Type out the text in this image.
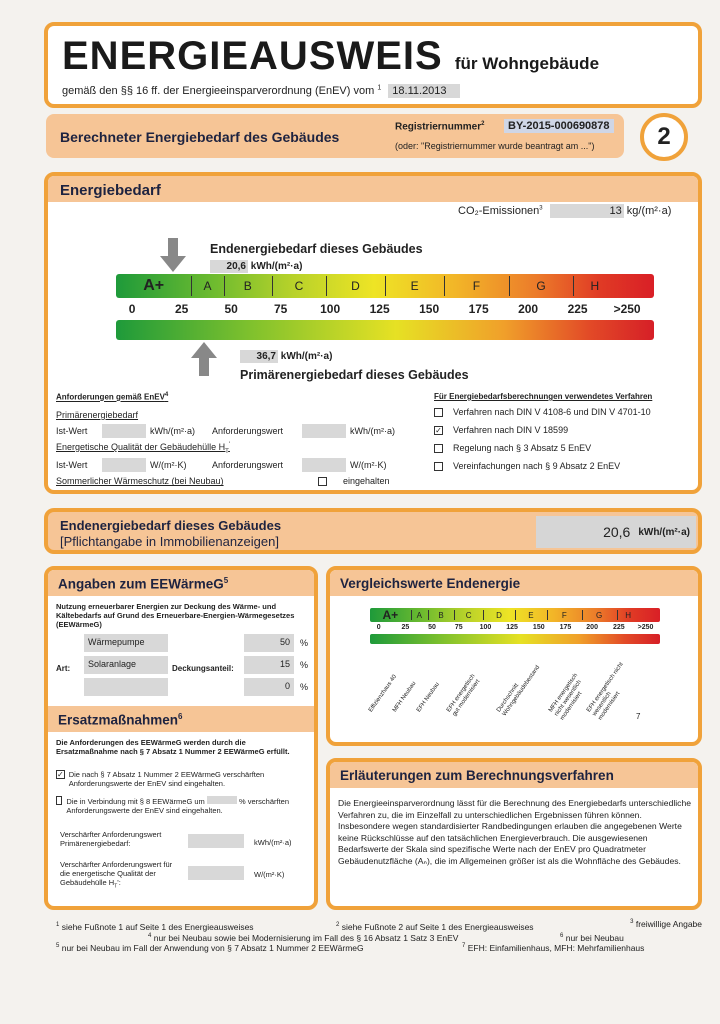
ENERGIEAUSWEIS für Wohngebäude
gemäß den §§ 16 ff. der Energieeinsparverordnung (EnEV) vom $^1$ 18.11.2013
Berechneter Energiebedarf des Gebäudes
Registriernummer$^2$	BY-2015-000690878
(oder: "Registriernummer wurde beantragt am ...")	2
Energiebedarf
CO₂-Emissionen$^3$	13 kg/(m²·a)
Endenergiebedarf dieses Gebäudes
20,6 kWh/(m²·a)
A+	A	B	C	D	E	F	G	H
0	25	50	75	100 125 150 175 200 225 >250
36,7 kWh/(m²·a)
Primärenergiebedarf dieses Gebäudes
Anforderungen gemäß EnEV$^4$
Primärenergiebedarf
Ist-Wert	kWh/(m²·a)	Anforderungswert	kWh/(m²·a)
Energetische Qualität der Gebäudehülle $H_T'$
Ist-Wert	W/(m²·K)	Anforderungswert	W/(m²·K)
Sommerlicher Wärmeschutz (bei Neubau)	eingehalten
Für Energiebedarfsberechnungen verwendetes Verfahren
Verfahren nach DIN V 4108-6 und DIN V 4701-10
✓ Verfahren nach DIN V 18599
Regelung nach § 3 Absatz 5 EnEV
Vereinfachungen nach § 9 Absatz 2 EnEV
Endenergiebedarf dieses Gebäudes
[Pflichtangabe in Immobilienanzeigen]
20,6 kWh/(m²·a)
Angaben zum EEWärmeG$^5$
Nutzung erneuerbarer Energien zur Deckung des Wärme- und Kältebedarfs auf Grund des Erneuerbare-Energien-Wärmegesetzes (EEWärmeG)
Art:	Deckungsanteil:
Wärmepumpe	50	%
Solaranlage	15	%
0	%
Ersatzmaßnahmen$^6$
Die Anforderungen des EEWärmeG werden durch die Ersatzmaßnahme nach § 7 Absatz 1 Nummer 2 EEWärmeG erfüllt.
✓ Die nach § 7 Absatz 1 Nummer 2 EEWärmeG verschärften Anforderungswerte der EnEV sind eingehalten.
Die in Verbindung mit § 8 EEWärmeG um	% verschärften Anforderungswerte der EnEV sind eingehalten.
Verschärfter Anforderungswert Primärenergiebedarf:	kWh/(m²·a)
Verschärfter Anforderungswert für die energetische Qualität der Gebäudehülle $H_T'$:
W/(m²·K)
Vergleichswerte Endenergie
A+	A	B	C	D	E	F	G	H
0	25	50	75 100 125 150 175 200 225 >250
Effizienzhaus 40
MFH Neubau
EFH Neubau EFH energetisch gut modernisiert	Durchschnitt Wohngebäudebestand MFH energetisch nicht wesentlich modernisiert EFH energetisch nicht wesentlich modernisiert	7
Erläuterungen zum Berechnungsverfahren
Die Energieeinsparverordnung lässt für die Berechnung des Energiebedarfs unterschiedliche Verfahren zu, die im Einzelfall zu unterschiedlichen Ergebnissen führen können. Insbesondere wegen standardisierter Randbedingungen erlauben die angegebenen Werte keine Rückschlüsse auf den tatsächlichen Energieverbrauch. Die ausgewiesenen Bedarfswerte der Skala sind spezifische Werte nach der EnEV pro Quadratmeter Gebäudenutzfläche (Aₙ), die im Allgemeinen größer ist als die Wohnfläche des Gebäudes.
$^1$ siehe Fußnote 1 auf Seite 1 des Energieausweises	$^2$ siehe Fußnote 2 auf Seite 1 des Energieausweises	$^3$ freiwillige Angabe
$^4$ nur bei Neubau sowie bei Modernisierung im Fall des § 16 Absatz 1 Satz 3 EnEV
$^5$ nur bei Neubau im Fall der Anwendung von § 7 Absatz 1 Nummer 2 EEWärmeG
$^6$ nur bei Neubau
$^7$ EFH: Einfamilienhaus, MFH: Mehrfamilienhaus
